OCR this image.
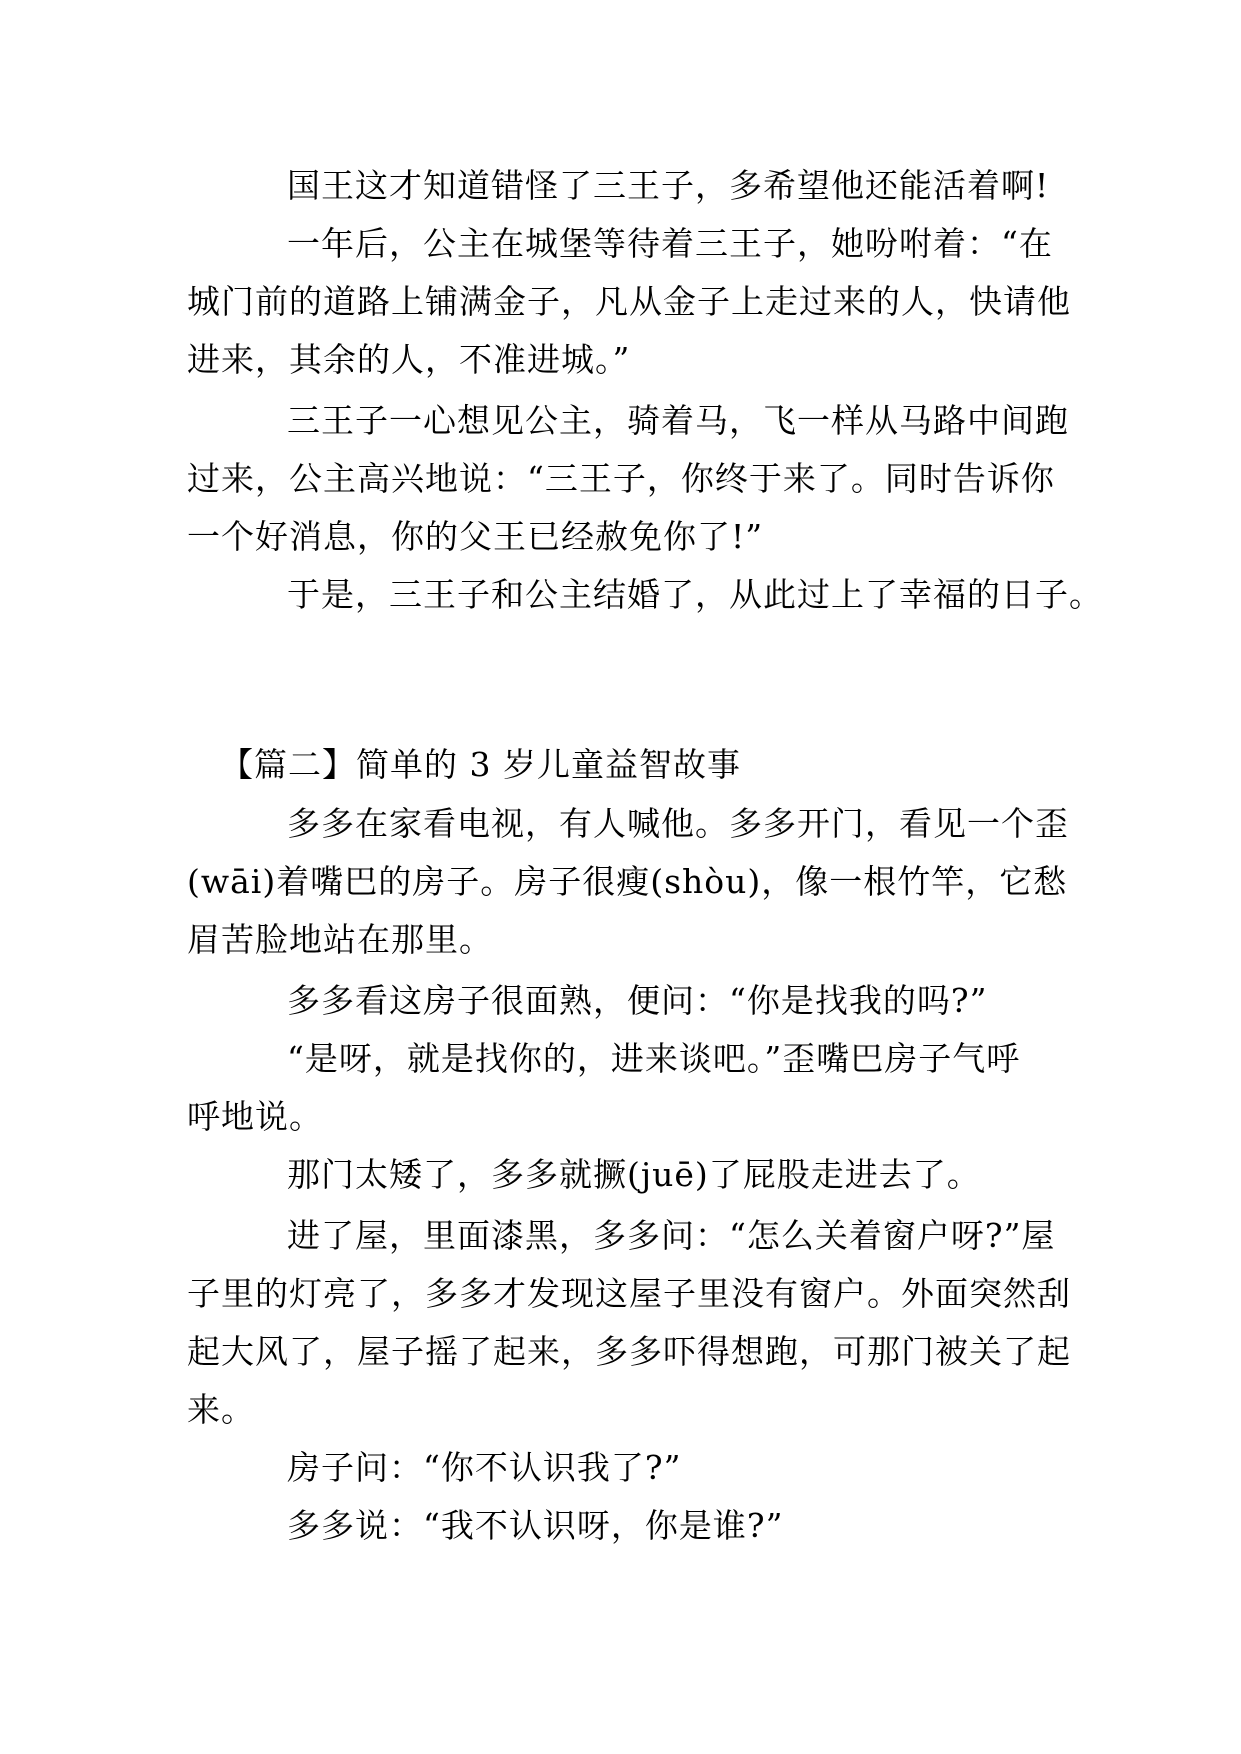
国王这才知道错怪了三王子，多希望他还能活着啊!
一年后，公主在城堡等待着三王子，她吩咐着：“在
城门前的道路上铺满金子，凡从金子上走过来的人，快请他
进来，其余的人，不准进城。”
三王子一心想见公主，骑着马，飞一样从马路中间跑
过来，公主高兴地说：“三王子，你终于来了。同时告诉你
一个好消息，你的父王已经赦免你了!”
于是，三王子和公主结婚了，从此过上了幸福的日子。
【篇二】简单的 3 岁儿童益智故事
多多在家看电视，有人喊他。多多开门，看见一个歪
(wāi)着嘴巴的房子。房子很瘦(shòu)，像一根竹竿，它愁
眉苦脸地站在那里。
多多看这房子很面熟，便问：“你是找我的吗?”
“是呀，就是找你的，进来谈吧。”歪嘴巴房子气呼
呼地说。
那门太矮了，多多就撅(juē)了屁股走进去了。
进了屋，里面漆黑，多多问：“怎么关着窗户呀?”屋
子里的灯亮了，多多才发现这屋子里没有窗户。外面突然刮
起大风了，屋子摇了起来，多多吓得想跑，可那门被关了起
来。
房子问：“你不认识我了?”
多多说：“我不认识呀，你是谁?”
